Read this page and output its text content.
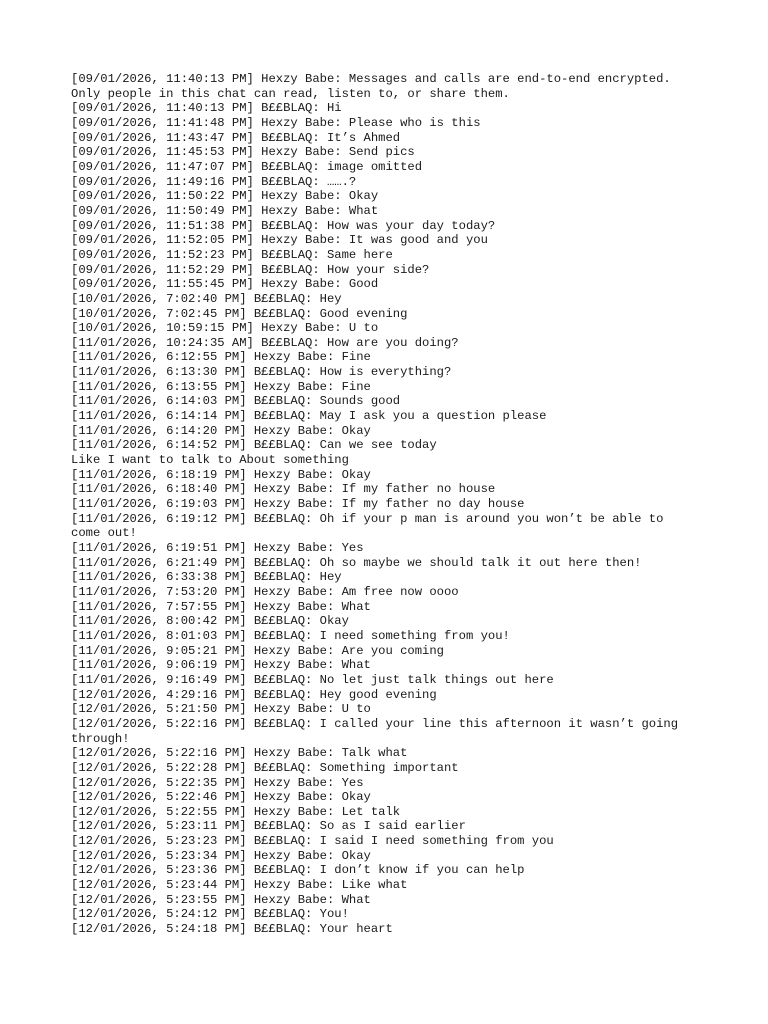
[09/01/2026, 11:40:13 PM] Hexzy Babe: Messages and calls are end-to-end encrypted.
Only people in this chat can read, listen to, or share them.
[09/01/2026, 11:40:13 PM] B££BLAQ: Hi
[09/01/2026, 11:41:48 PM] Hexzy Babe: Please who is this
[09/01/2026, 11:43:47 PM] B££BLAQ: It’s Ahmed
[09/01/2026, 11:45:53 PM] Hexzy Babe: Send pics
[09/01/2026, 11:47:07 PM] B££BLAQ: image omitted
[09/01/2026, 11:49:16 PM] B££BLAQ: …….?
[09/01/2026, 11:50:22 PM] Hexzy Babe: Okay
[09/01/2026, 11:50:49 PM] Hexzy Babe: What
[09/01/2026, 11:51:38 PM] B££BLAQ: How was your day today?
[09/01/2026, 11:52:05 PM] Hexzy Babe: It was good and you
[09/01/2026, 11:52:23 PM] B££BLAQ: Same here
[09/01/2026, 11:52:29 PM] B££BLAQ: How your side?
[09/01/2026, 11:55:45 PM] Hexzy Babe: Good
[10/01/2026, 7:02:40 PM] B££BLAQ: Hey
[10/01/2026, 7:02:45 PM] B££BLAQ: Good evening
[10/01/2026, 10:59:15 PM] Hexzy Babe: U to
[11/01/2026, 10:24:35 AM] B££BLAQ: How are you doing?
[11/01/2026, 6:12:55 PM] Hexzy Babe: Fine
[11/01/2026, 6:13:30 PM] B££BLAQ: How is everything?
[11/01/2026, 6:13:55 PM] Hexzy Babe: Fine
[11/01/2026, 6:14:03 PM] B££BLAQ: Sounds good
[11/01/2026, 6:14:14 PM] B££BLAQ: May I ask you a question please
[11/01/2026, 6:14:20 PM] Hexzy Babe: Okay
[11/01/2026, 6:14:52 PM] B££BLAQ: Can we see today
Like I want to talk to About something
[11/01/2026, 6:18:19 PM] Hexzy Babe: Okay
[11/01/2026, 6:18:40 PM] Hexzy Babe: If my father no house
[11/01/2026, 6:19:03 PM] Hexzy Babe: If my father no day house
[11/01/2026, 6:19:12 PM] B££BLAQ: Oh if your p man is around you won’t be able to
come out!
[11/01/2026, 6:19:51 PM] Hexzy Babe: Yes
[11/01/2026, 6:21:49 PM] B££BLAQ: Oh so maybe we should talk it out here then!
[11/01/2026, 6:33:38 PM] B££BLAQ: Hey
[11/01/2026, 7:53:20 PM] Hexzy Babe: Am free now oooo
[11/01/2026, 7:57:55 PM] Hexzy Babe: What
[11/01/2026, 8:00:42 PM] B££BLAQ: Okay
[11/01/2026, 8:01:03 PM] B££BLAQ: I need something from you!
[11/01/2026, 9:05:21 PM] Hexzy Babe: Are you coming
[11/01/2026, 9:06:19 PM] Hexzy Babe: What
[11/01/2026, 9:16:49 PM] B££BLAQ: No let just talk things out here
[12/01/2026, 4:29:16 PM] B££BLAQ: Hey good evening
[12/01/2026, 5:21:50 PM] Hexzy Babe: U to
[12/01/2026, 5:22:16 PM] B££BLAQ: I called your line this afternoon it wasn’t going
through!
[12/01/2026, 5:22:16 PM] Hexzy Babe: Talk what
[12/01/2026, 5:22:28 PM] B££BLAQ: Something important
[12/01/2026, 5:22:35 PM] Hexzy Babe: Yes
[12/01/2026, 5:22:46 PM] Hexzy Babe: Okay
[12/01/2026, 5:22:55 PM] Hexzy Babe: Let talk
[12/01/2026, 5:23:11 PM] B££BLAQ: So as I said earlier
[12/01/2026, 5:23:23 PM] B££BLAQ: I said I need something from you
[12/01/2026, 5:23:34 PM] Hexzy Babe: Okay
[12/01/2026, 5:23:36 PM] B££BLAQ: I don’t know if you can help
[12/01/2026, 5:23:44 PM] Hexzy Babe: Like what
[12/01/2026, 5:23:55 PM] Hexzy Babe: What
[12/01/2026, 5:24:12 PM] B££BLAQ: You!
[12/01/2026, 5:24:18 PM] B££BLAQ: Your heart
